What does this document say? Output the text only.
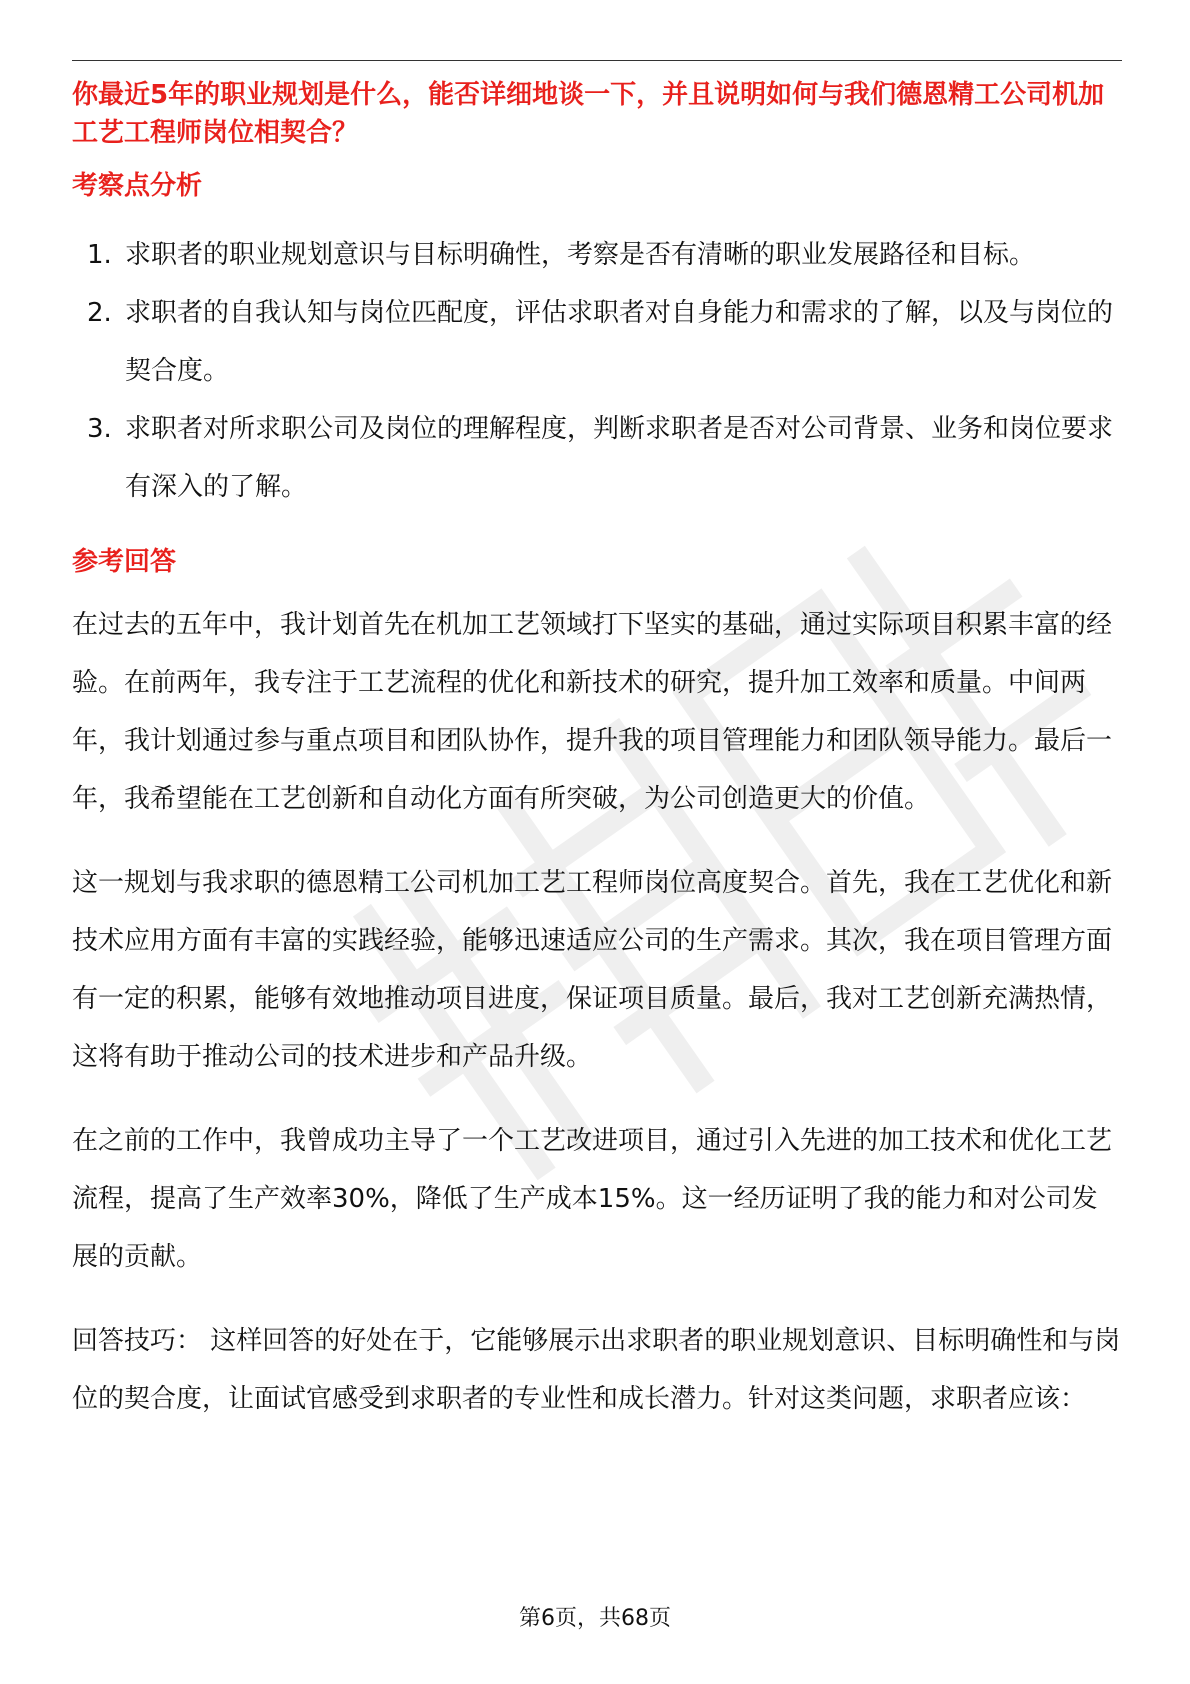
你最近5年的职业规划是什么，能否详细地谈一下，并且说明如何与我们德恩精工公司机加工艺工程师岗位相契合？

考察点分析
1. 求职者的职业规划意识与目标明确性，考察是否有清晰的职业发展路径和目标。
2. 求职者的自我认知与岗位匹配度，评估求职者对自身能力和需求的了解，以及与岗位的契合度。
3. 求职者对所求职公司及岗位的理解程度，判断求职者是否对公司背景、业务和岗位要求有深入的了解。
参考回答

在过去的五年中，我计划首先在机加工艺领域打下坚实的基础，通过实际项目积累丰富的经验。在前两年，我专注于工艺流程的优化和新技术的研究，提升加工效率和质量。中间两年，我计划通过参与重点项目和团队协作，提升我的项目管理能力和团队领导能力。最后一年，我希望能在工艺创新和自动化方面有所突破，为公司创造更大的价值。

这一规划与我求职的德恩精工公司机加工艺工程师岗位高度契合。首先，我在工艺优化和新技术应用方面有丰富的实践经验，能够迅速适应公司的生产需求。其次，我在项目管理方面有一定的积累，能够有效地推动项目进度，保证项目质量。最后，我对工艺创新充满热情，这将有助于推动公司的技术进步和产品升级。

在之前的工作中，我曾成功主导了一个工艺改进项目，通过引入先进的加工技术和优化工艺流程，提高了生产效率30%，降低了生产成本15%。这一经历证明了我的能力和对公司发展的贡献。

回答技巧： 这样回答的好处在于，它能够展示出求职者的职业规划意识、目标明确性和与岗位的契合度，让面试官感受到求职者的专业性和成长潜力。针对这类问题，求职者应该：

第6页，共68页
